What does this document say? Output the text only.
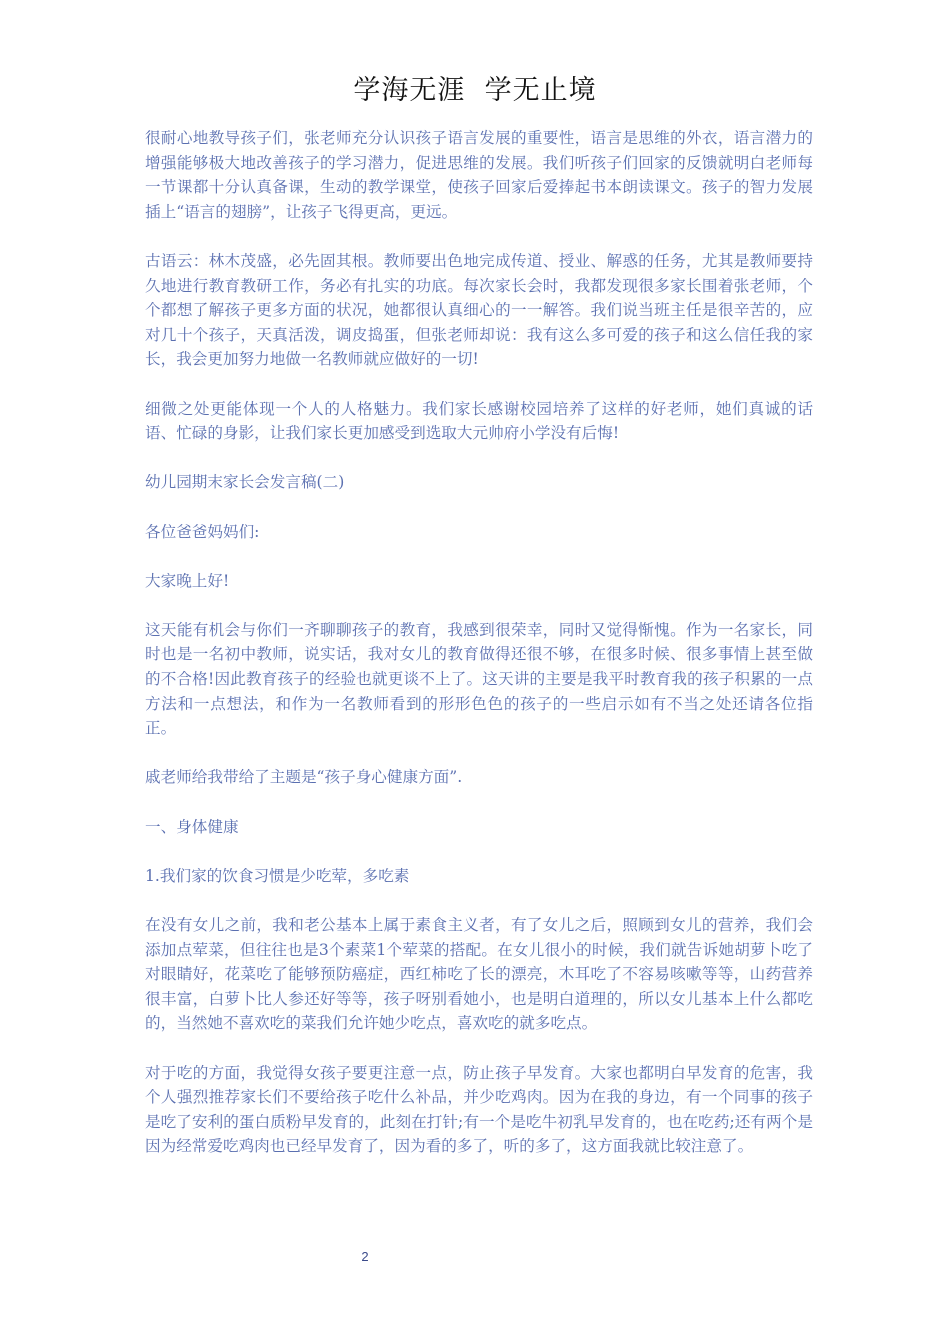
学海无涯  学无止境

很耐心地教导孩子们，张老师充分认识孩子语言发展的重要性，语言是思维的外衣，语言潜力的增强能够极大地改善孩子的学习潜力，促进思维的发展。我们听孩子们回家的反馈就明白老师每一节课都十分认真备课，生动的教学课堂，使孩子回家后爱捧起书本朗读课文。孩子的智力发展插上“语言的翅膀”，让孩子飞得更高，更远。

古语云：林木茂盛，必先固其根。教师要出色地完成传道、授业、解惑的任务，尤其是教师要持久地进行教育教研工作，务必有扎实的功底。每次家长会时，我都发现很多家长围着张老师，个个都想了解孩子更多方面的状况，她都很认真细心的一一解答。我们说当班主任是很辛苦的，应对几十个孩子，天真活泼，调皮捣蛋，但张老师却说：我有这么多可爱的孩子和这么信任我的家长，我会更加努力地做一名教师就应做好的一切!

细微之处更能体现一个人的人格魅力。我们家长感谢校园培养了这样的好老师，她们真诚的话语、忙碌的身影，让我们家长更加感受到选取大元帅府小学没有后悔!

幼儿园期末家长会发言稿(二)

各位爸爸妈妈们:

大家晚上好!

这天能有机会与你们一齐聊聊孩子的教育，我感到很荣幸，同时又觉得惭愧。作为一名家长，同时也是一名初中教师，说实话，我对女儿的教育做得还很不够，在很多时候、很多事情上甚至做的不合格!因此教育孩子的经验也就更谈不上了。这天讲的主要是我平时教育我的孩子积累的一点方法和一点想法，和作为一名教师看到的形形色色的孩子的一些启示如有不当之处还请各位指正。

戚老师给我带给了主题是“孩子身心健康方面”.

一、身体健康

1.我们家的饮食习惯是少吃荤，多吃素

在没有女儿之前，我和老公基本上属于素食主义者，有了女儿之后，照顾到女儿的营养，我们会添加点荤菜，但往往也是3个素菜1个荤菜的搭配。在女儿很小的时候，我们就告诉她胡萝卜吃了对眼睛好，花菜吃了能够预防癌症，西红柿吃了长的漂亮，木耳吃了不容易咳嗽等等，山药营养很丰富，白萝卜比人参还好等等，孩子呀别看她小，也是明白道理的，所以女儿基本上什么都吃的，当然她不喜欢吃的菜我们允许她少吃点，喜欢吃的就多吃点。

对于吃的方面，我觉得女孩子要更注意一点，防止孩子早发育。大家也都明白早发育的危害，我个人强烈推荐家长们不要给孩子吃什么补品，并少吃鸡肉。因为在我的身边，有一个同事的孩子是吃了安利的蛋白质粉早发育的，此刻在打针;有一个是吃牛初乳早发育的，也在吃药;还有两个是因为经常爱吃鸡肉也已经早发育了，因为看的多了，听的多了，这方面我就比较注意了。

2
